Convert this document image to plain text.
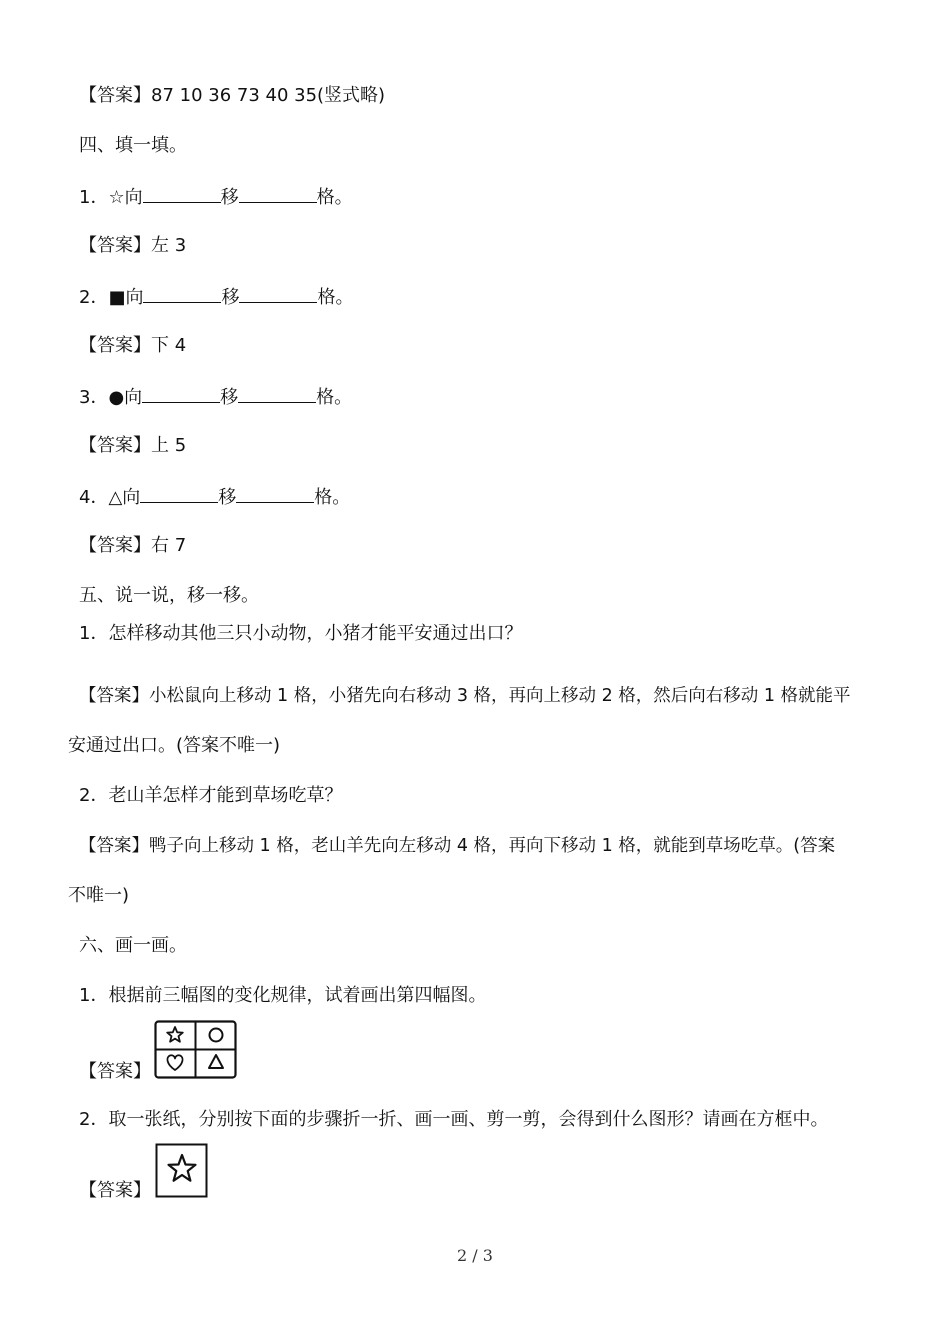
【答案】87 10 36 73 40 35(竖式略)
四、填一填。
1．☆向	移	格。
【答案】左 3
2．■向	移	格。
【答案】下 4
3．●向	移	格。
【答案】上 5
4．△向	移	格。
【答案】右 7
五、说一说，移一移。
1．怎样移动其他三只小动物，小猪才能平安通过出口？
【答案】小松鼠向上移动 1 格，小猪先向右移动 3 格，再向上移动 2 格，然后向右移动 1 格就能平
安通过出口。(答案不唯一)
2．老山羊怎样才能到草场吃草？
【答案】鸭子向上移动 1 格，老山羊先向左移动 4 格，再向下移动 1 格，就能到草场吃草。(答案
不唯一)
六、画一画。
1．根据前三幅图的变化规律，试着画出第四幅图。
【答案】
2．取一张纸，分别按下面的步骤折一折、画一画、剪一剪，会得到什么图形？请画在方框中。
【答案】
2 / 3
